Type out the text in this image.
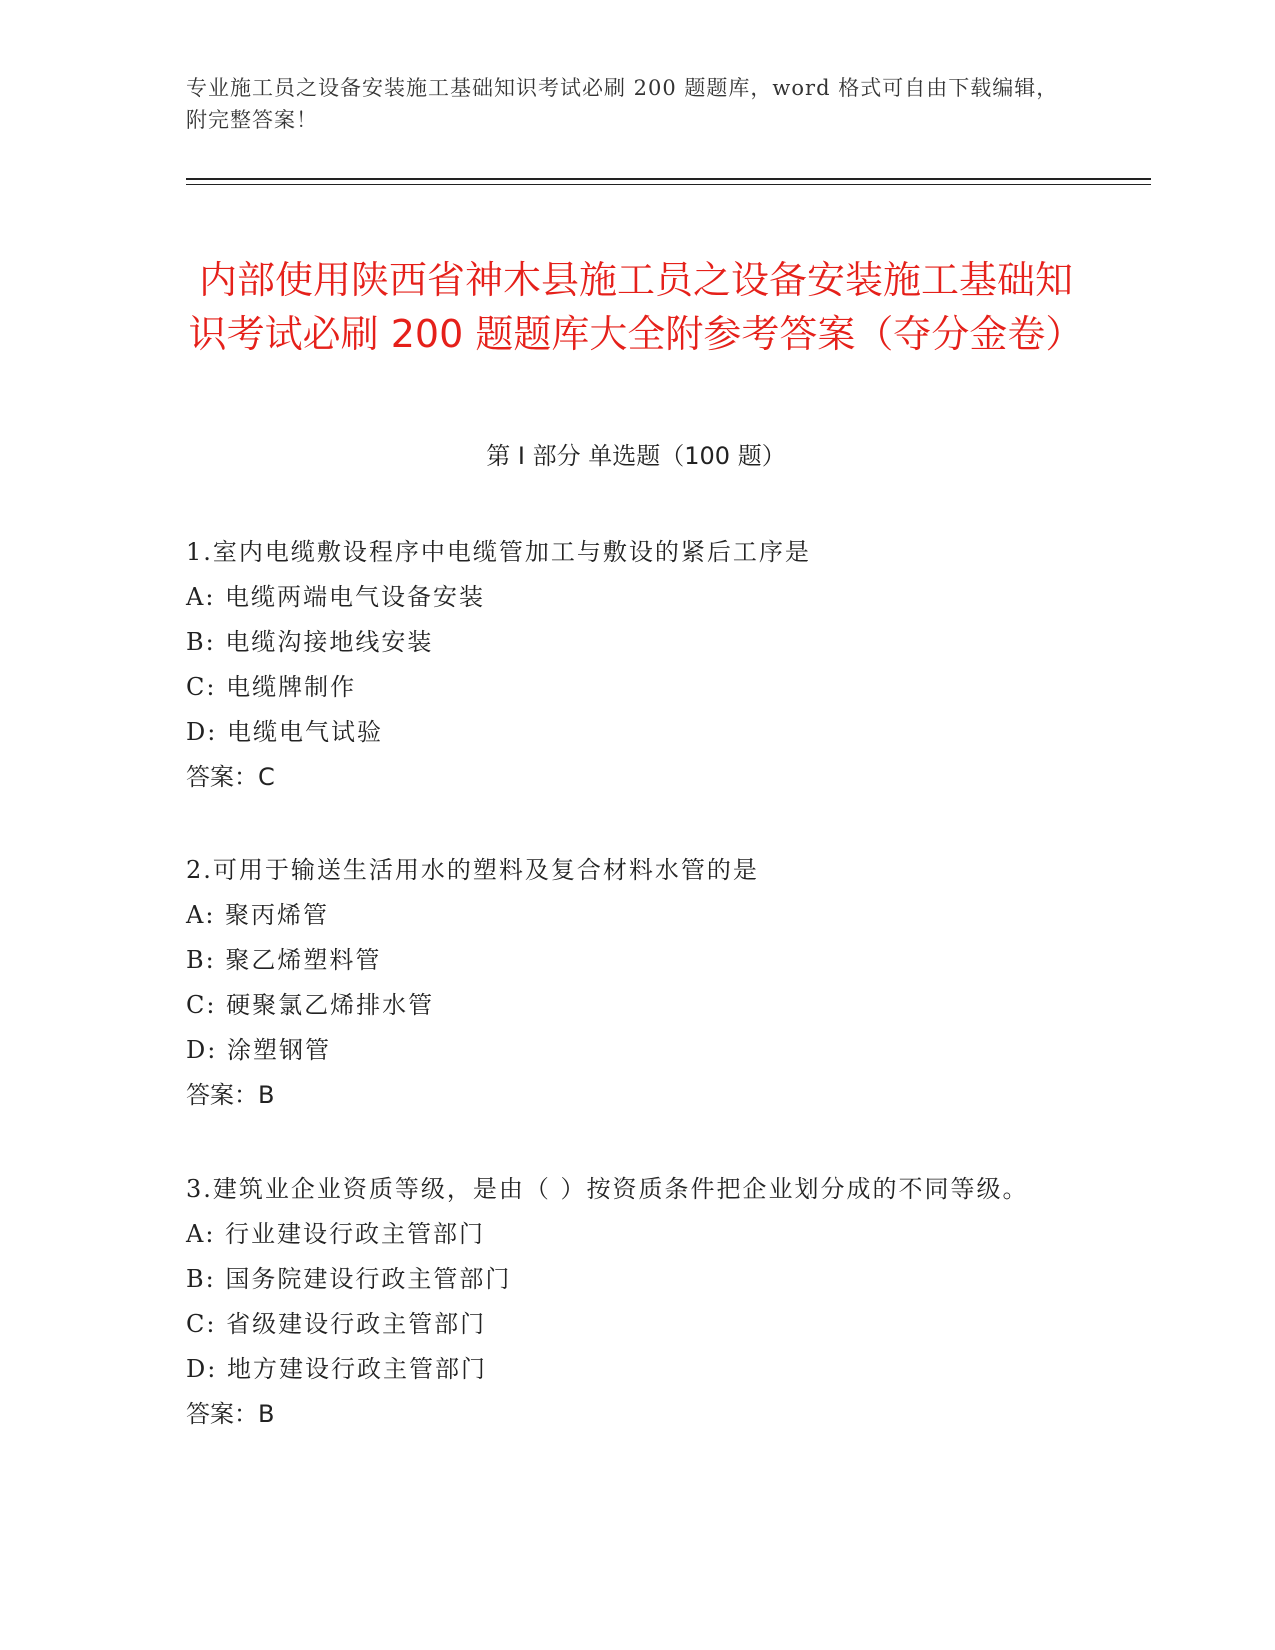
专业施工员之设备安装施工基础知识考试必刷 200 题题库，word 格式可自由下载编辑，附完整答案！
内部使用陕西省神木县施工员之设备安装施工基础知识考试必刷 200 题题库大全附参考答案（夺分金卷）
第 I 部分 单选题（100 题）

1.室内电缆敷设程序中电缆管加工与敷设的紧后工序是

A: 电缆两端电气设备安装

B: 电缆沟接地线安装

C: 电缆牌制作

D: 电缆电气试验

答案：C

2.可用于输送生活用水的塑料及复合材料水管的是

A: 聚丙烯管

B: 聚乙烯塑料管

C: 硬聚氯乙烯排水管

D: 涂塑钢管

答案：B

3.建筑业企业资质等级，是由（ ）按资质条件把企业划分成的不同等级。

A: 行业建设行政主管部门

B: 国务院建设行政主管部门

C: 省级建设行政主管部门

D: 地方建设行政主管部门

答案：B
